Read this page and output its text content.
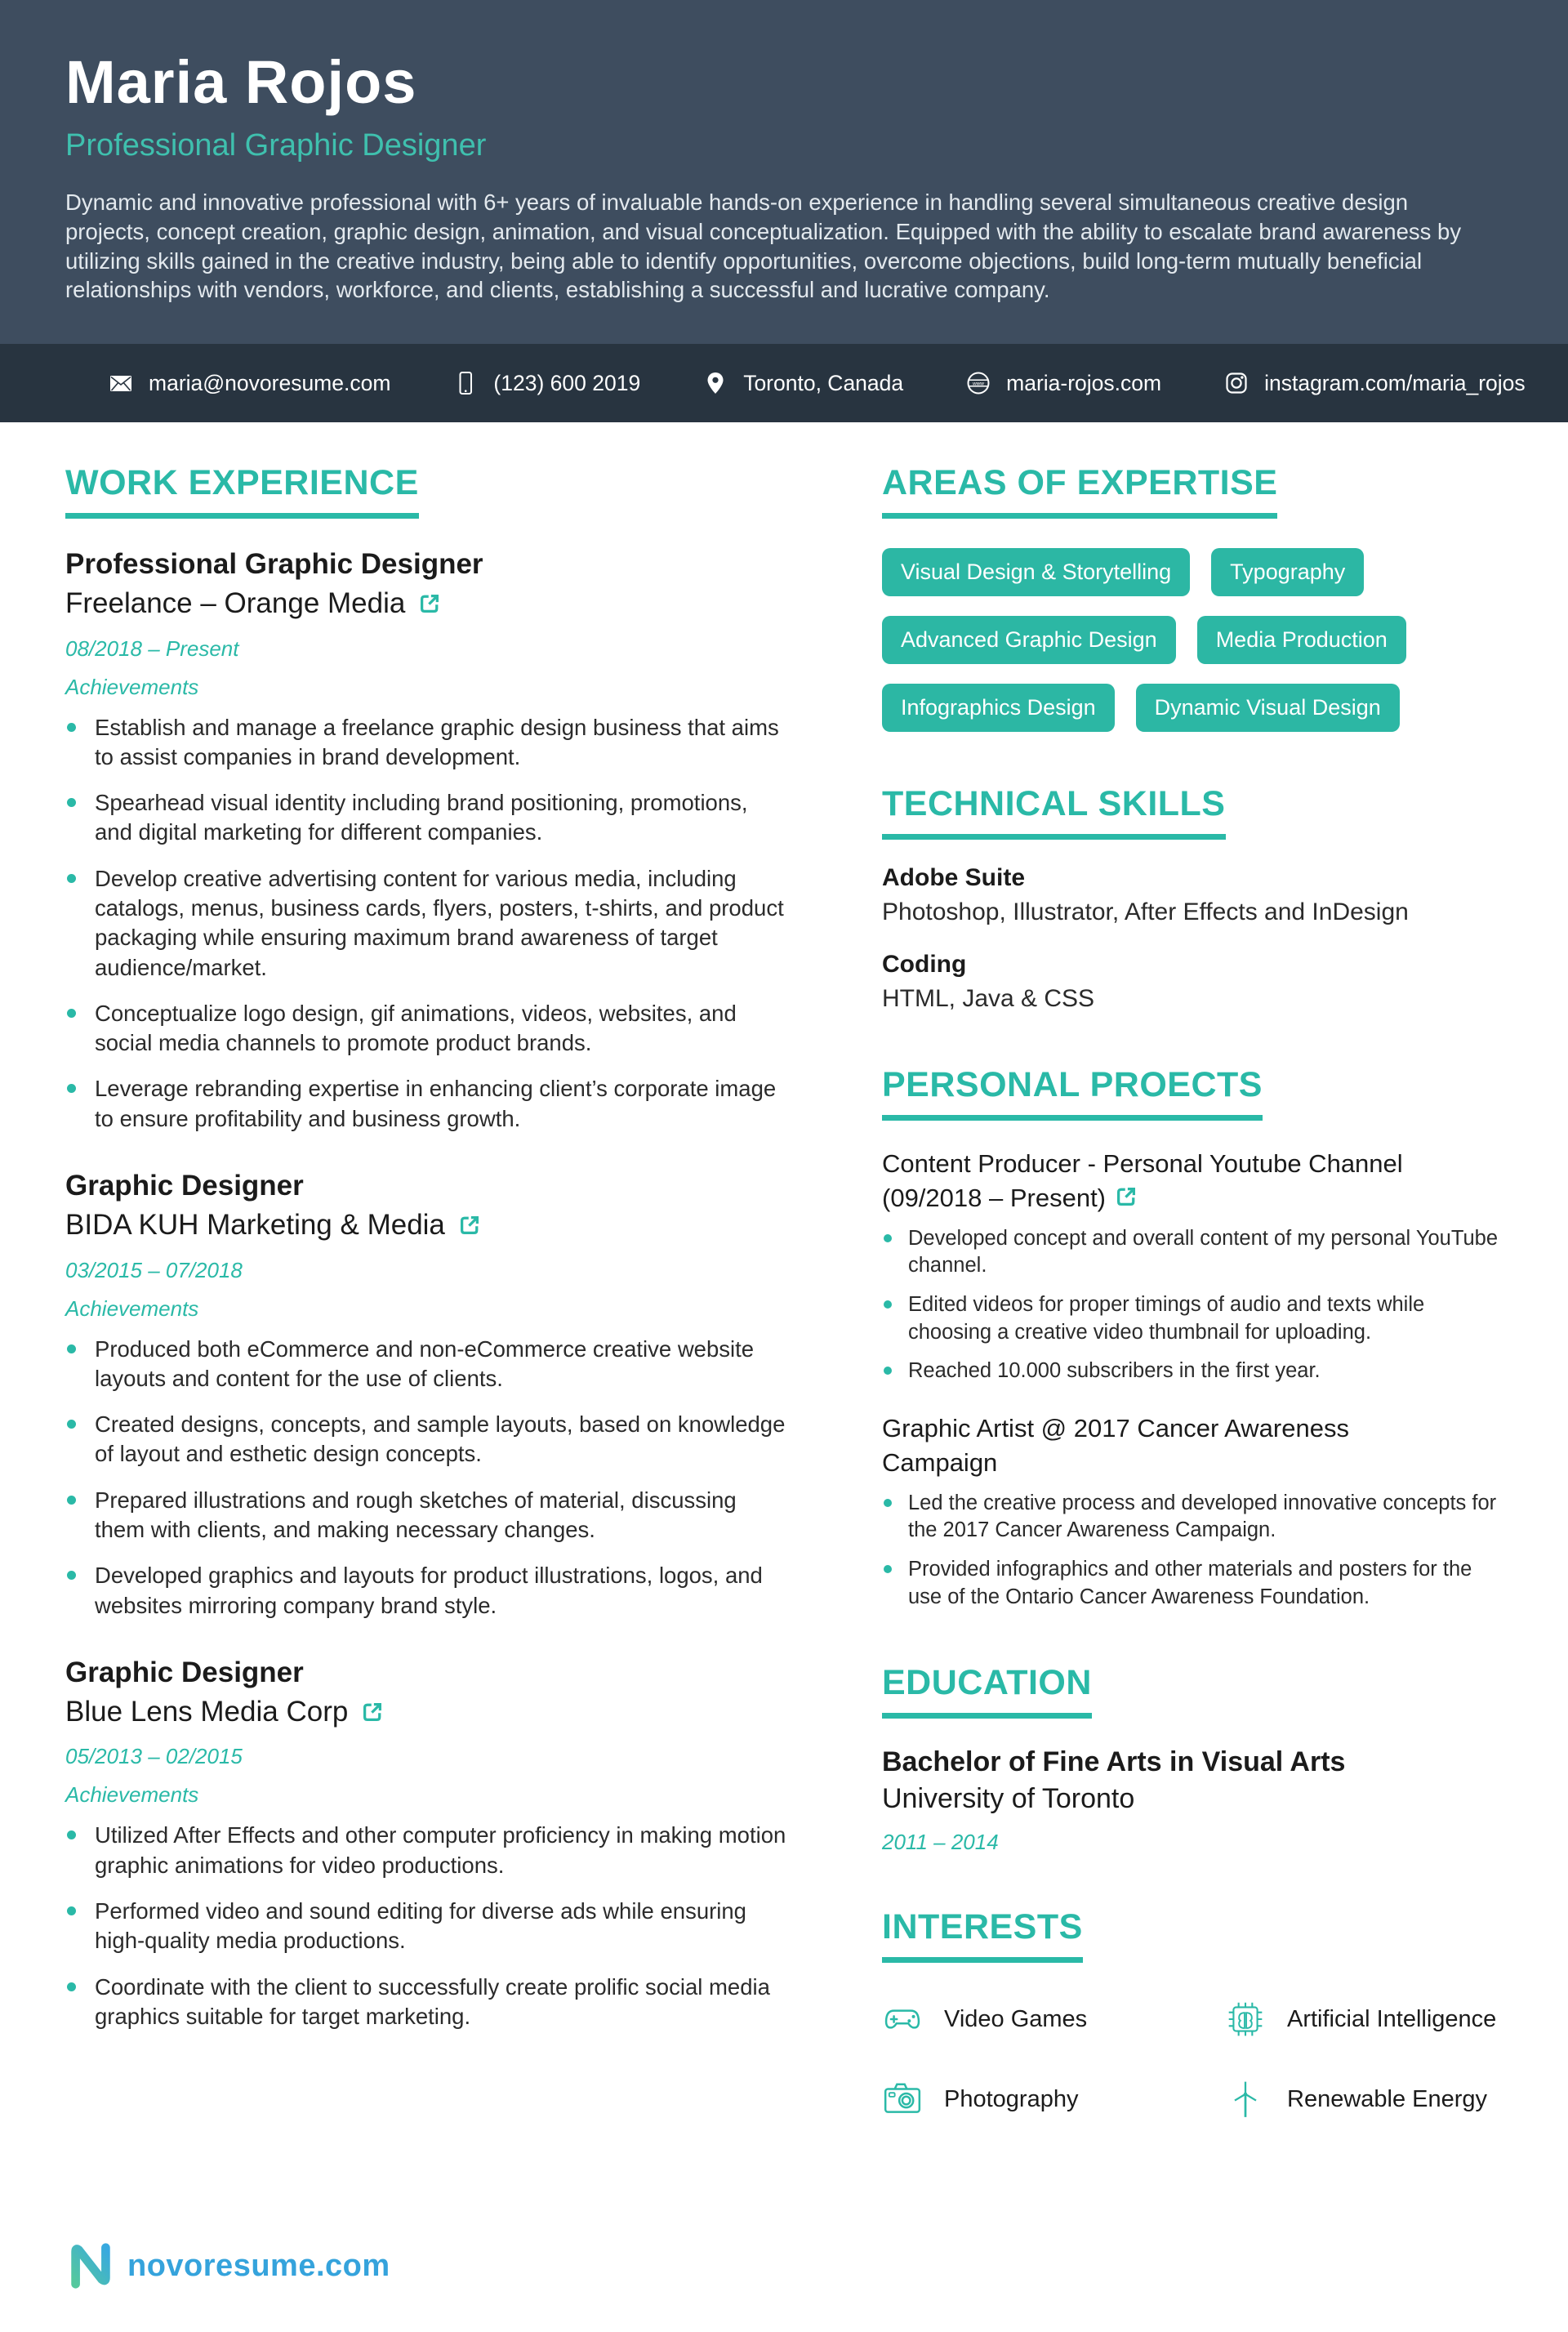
Maria Rojos
Professional Graphic Designer
Dynamic and innovative professional with 6+ years of invaluable hands-on experience in handling several simultaneous creative design projects, concept creation, graphic design, animation, and visual conceptualization. Equipped with the ability to escalate brand awareness by utilizing skills gained in the creative industry, being able to identify opportunities, overcome objections, build long-term mutually beneficial relationships with vendors, workforce, and clients, establishing a successful and lucrative company.
maria@novoresume.com	(123) 600 2019	Toronto, Canada	www maria-rojos.com	instagram.com/maria_rojos
WORK EXPERIENCE
Professional Graphic Designer
Freelance – Orange Media
08/2018 – Present
Achievements
Establish and manage a freelance graphic design business that aims to assist companies in brand development.
Spearhead visual identity including brand positioning, promotions, and digital marketing for different companies.
Develop creative advertising content for various media, including catalogs, menus, business cards, flyers, posters, t-shirts, and product packaging while ensuring maximum brand awareness of target audience/market.
Conceptualize logo design, gif animations, videos, websites, and social media channels to promote product brands.
Leverage rebranding expertise in enhancing client’s corporate image to ensure profitability and business growth.
Graphic Designer
BIDA KUH Marketing & Media
03/2015 – 07/2018
Achievements
Produced both eCommerce and non-eCommerce creative website layouts and content for the use of clients.
Created designs, concepts, and sample layouts, based on knowledge of layout and esthetic design concepts.
Prepared illustrations and rough sketches of material, discussing them with clients, and making necessary changes.
Developed graphics and layouts for product illustrations, logos, and websites mirroring company brand style.
Graphic Designer
Blue Lens Media Corp
05/2013 – 02/2015
Achievements
Utilized After Effects and other computer proficiency in making motion graphic animations for video productions.
Performed video and sound editing for diverse ads while ensuring high-quality media productions.
Coordinate with the client to successfully create prolific social media graphics suitable for target marketing.
AREAS OF EXPERTISE
Visual Design & Storytelling	Typography
Advanced Graphic Design	Media Production
Infographics Design	Dynamic Visual Design
TECHNICAL SKILLS
Adobe Suite
Photoshop, Illustrator, After Effects and InDesign
Coding
HTML, Java & CSS
PERSONAL PROECTS
Content Producer - Personal Youtube Channel (09/2018 – Present)
Developed concept and overall content of my personal YouTube channel.
Edited videos for proper timings of audio and texts while choosing a creative video thumbnail for uploading.
Reached 10.000 subscribers in the first year.
Graphic Artist @ 2017 Cancer Awareness Campaign
Led the creative process and developed innovative concepts for the 2017 Cancer Awareness Campaign.
Provided infographics and other materials and posters for the use of the Ontario Cancer Awareness Foundation.
EDUCATION
Bachelor of Fine Arts in Visual Arts
University of Toronto
2011 – 2014
INTERESTS
Video Games	Artificial Intelligence
Photography	Renewable Energy
novoresume.com
